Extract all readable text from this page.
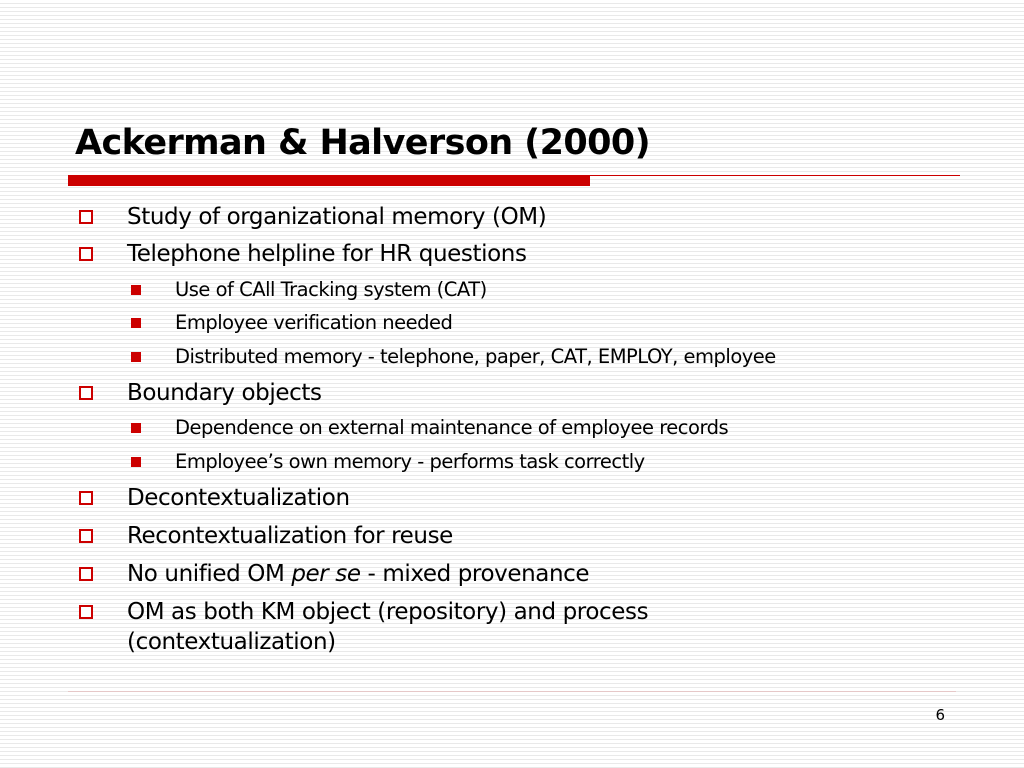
Ackerman & Halverson (2000)
Study of organizational memory (OM)
Telephone helpline for HR questions
Use of CAll Tracking system (CAT)
Employee verification needed
Distributed memory - telephone, paper, CAT, EMPLOY, employee
Boundary objects
Dependence on external maintenance of employee records
Employee’s own memory - performs task correctly
Decontextualization
Recontextualization for reuse
No unified OM per se - mixed provenance
OM as both KM object (repository) and process
(contextualization)
6
